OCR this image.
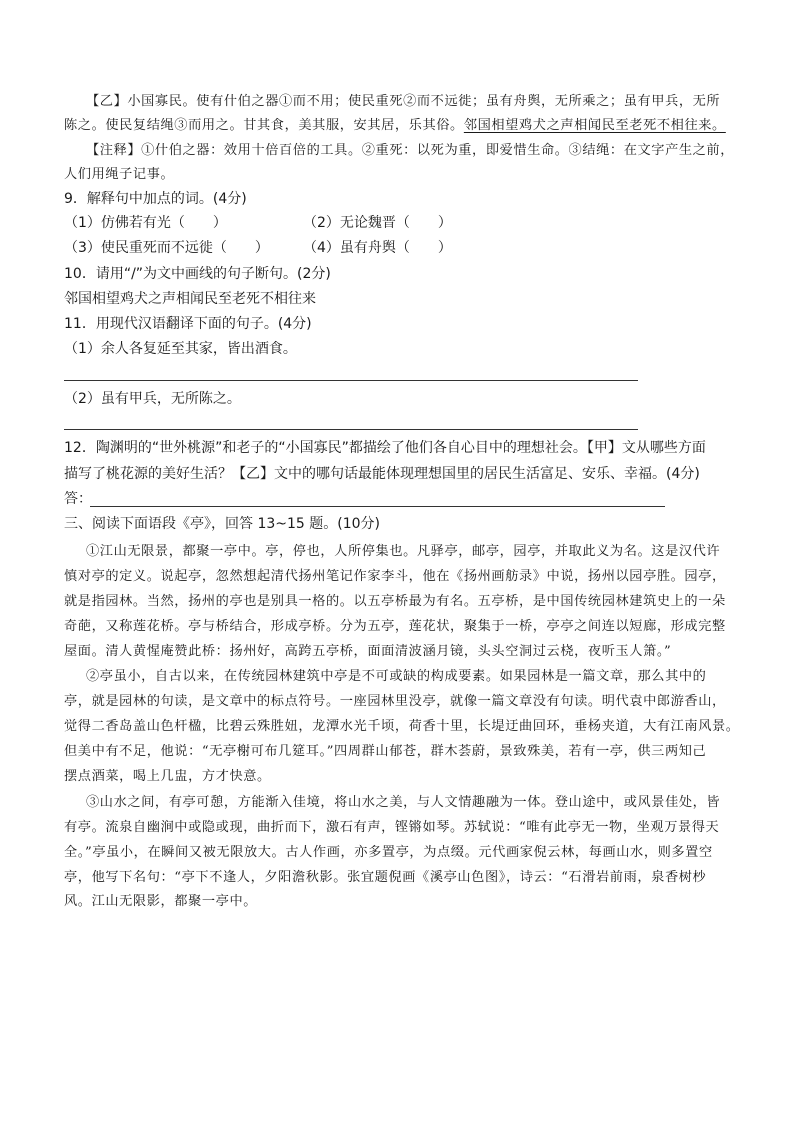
【乙】小国寡民。使有什伯之器①而不用；使民重死②而不远徙；虽有舟舆，无所乘之；虽有甲兵，无所
陈之。使民复结绳③而用之。甘其食，美其服，安其居，乐其俗。邻国相望鸡犬之声相闻民至老死不相往来。
【注释】①什伯之器：效用十倍百倍的工具。②重死：以死为重，即爱惜生命。③结绳：在文字产生之前，
人们用绳子记事。
9．解释句中加点的词。(4分)
（1）仿佛若有光（　　）	（2）无论魏晋（　　）
（3）使民重死而不远徙（　　） （4）虽有舟舆（　　）
10．请用“/”为文中画线的句子断句。(2分)
邻国相望鸡犬之声相闻民至老死不相往来
11．用现代汉语翻译下面的句子。(4分)
（1）余人各复延至其家，皆出酒食。
（2）虽有甲兵，无所陈之。
12．陶渊明的“世外桃源”和老子的“小国寡民”都描绘了他们各自心目中的理想社会。【甲】文从哪些方面
描写了桃花源的美好生活？【乙】文中的哪句话最能体现理想国里的居民生活富足、安乐、幸福。(4分)
答：
三、阅读下面语段《亭》，回答 13~15 题。(10分)
①江山无限景，都聚一亭中。亭，停也，人所停集也。凡驿亭，邮亭，园亭，并取此义为名。这是汉代许
慎对亭的定义。说起亭，忽然想起清代扬州笔记作家李斗，他在《扬州画舫录》中说，扬州以园亭胜。园亭，
就是指园林。当然，扬州的亭也是别具一格的。以五亭桥最为有名。五亭桥，是中国传统园林建筑史上的一朵
奇葩，又称莲花桥。亭与桥结合，形成亭桥。分为五亭，莲花状，聚集于一桥，亭亭之间连以短廊，形成完整
屋面。清人黄惺庵赞此桥：扬州好，高跨五亭桥，面面清波涵月镜，头头空洞过云桡，夜听玉人箫。”
②亭虽小，自古以来，在传统园林建筑中亭是不可或缺的构成要素。如果园林是一篇文章，那么其中的
亭，就是园林的句读，是文章中的标点符号。一座园林里没亭，就像一篇文章没有句读。明代袁中郎游香山，
觉得二香岛盖山色杆楹，比碧云殊胜妞，龙潭水光千顷，荷香十里，长堤迂曲回环，垂杨夹道，大有江南风景。
但美中有不足，他说：“无亭榭可布几筵耳。”四周群山郁苍，群木荟蔚，景致殊美，若有一亭，供三两知己
摆点酒菜，喝上几盅，方才快意。
③山水之间，有亭可憩，方能渐入佳境，将山水之美，与人文情趣融为一体。登山途中，或风景佳处，皆
有亭。流泉自幽涧中或隐或现，曲折而下，激石有声，铿锵如琴。苏轼说：“唯有此亭无一物，坐观万景得天
全。”亭虽小，在瞬间又被无限放大。古人作画，亦多置亭，为点缀。元代画家倪云林，每画山水，则多置空
亭，他写下名句：“亭下不逢人，夕阳澹秋影。张宜题倪画《溪亭山色图》，诗云：“石滑岩前雨，泉香树杪
风。江山无限影，都聚一亭中。
